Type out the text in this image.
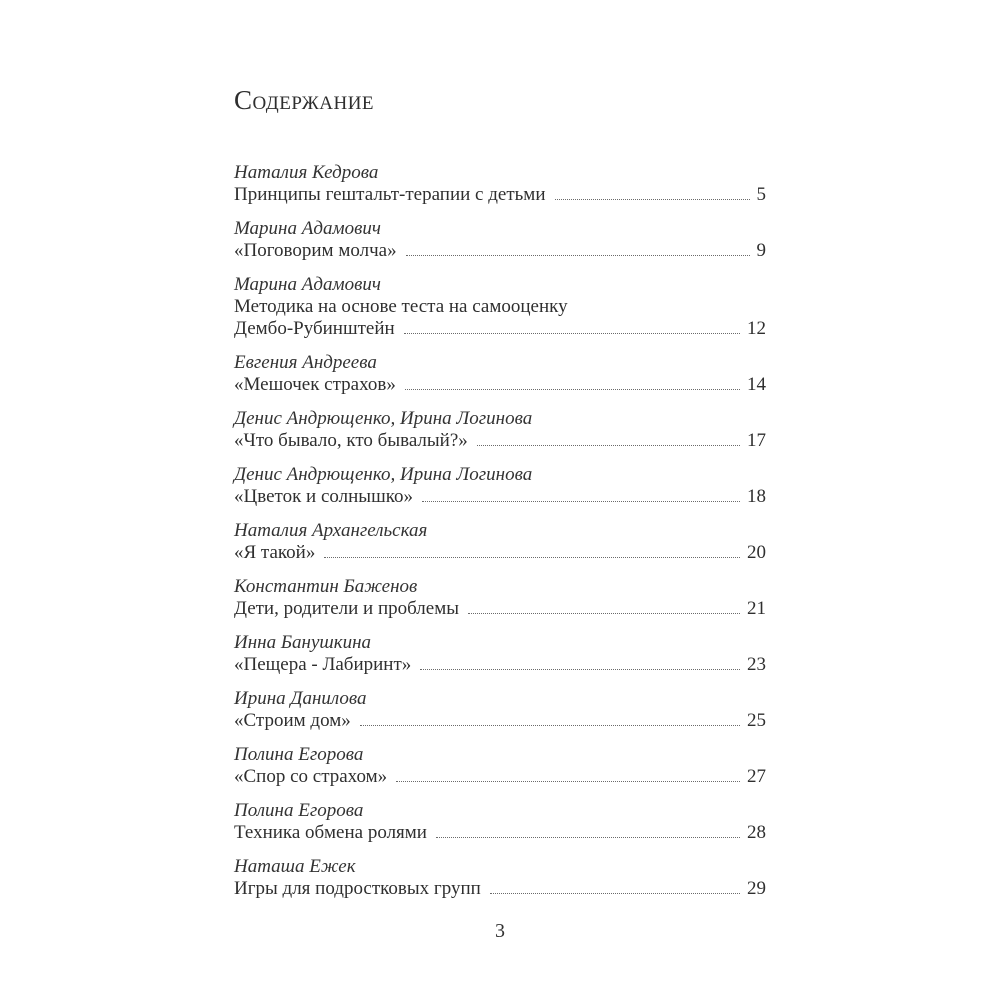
Содержание
Наталия Кедрова
Принципы гештальт-терапии с детьми	5
Марина Адамович
«Поговорим молча»	9
Марина Адамович
Методика на основе теста на самооценку
Дембо-Рубинштейн	12
Евгения Андреева
«Мешочек страхов»	14
Денис Андрющенко, Ирина Логинова
«Что бывало, кто бывалый?»	17
Денис Андрющенко, Ирина Логинова
«Цветок и солнышко»	18
Наталия Архангельская
«Я такой»	20
Константин Баженов
Дети, родители и проблемы	21
Инна Банушкина
«Пещера - Лабиринт»	23
Ирина Данилова
«Строим дом»	25
Полина Егорова
«Спор со страхом»	27
Полина Егорова
Техника обмена ролями	28
Наташа Ежек
Игры для подростковых групп	29
3
